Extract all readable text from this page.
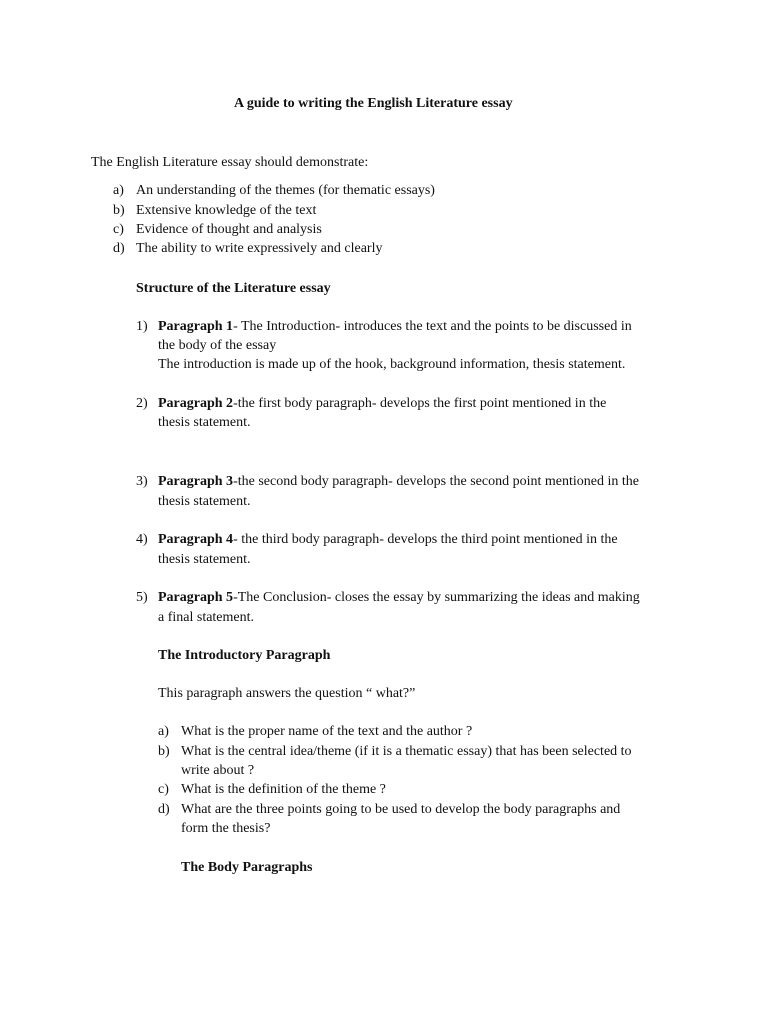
A guide to writing the English Literature essay
The English Literature essay should demonstrate:
a) An understanding of the themes (for thematic essays)
b) Extensive knowledge of the text
c) Evidence of thought and analysis
d) The ability to write expressively and clearly
Structure of the Literature essay
1) Paragraph 1- The Introduction- introduces the text and the points to be discussed in
the body of the essay
The introduction is made up of the hook, background information, thesis statement.
2) Paragraph 2-the first body paragraph- develops the first point mentioned in the
thesis statement.
3) Paragraph 3-the second body paragraph- develops the second point mentioned in the
thesis statement.
4) Paragraph 4- the third body paragraph- develops the third point mentioned in the
thesis statement.
5) Paragraph 5-The Conclusion- closes the essay by summarizing the ideas and making
a final statement.
The Introductory Paragraph
This paragraph answers the question “ what?”
a) What is the proper name of the text and the author ?
b) What is the central idea/theme (if it is a thematic essay) that has been selected to
write about ?
c) What is the definition of the theme ?
d) What are the three points going to be used to develop the body paragraphs and
form the thesis?
The Body Paragraphs
